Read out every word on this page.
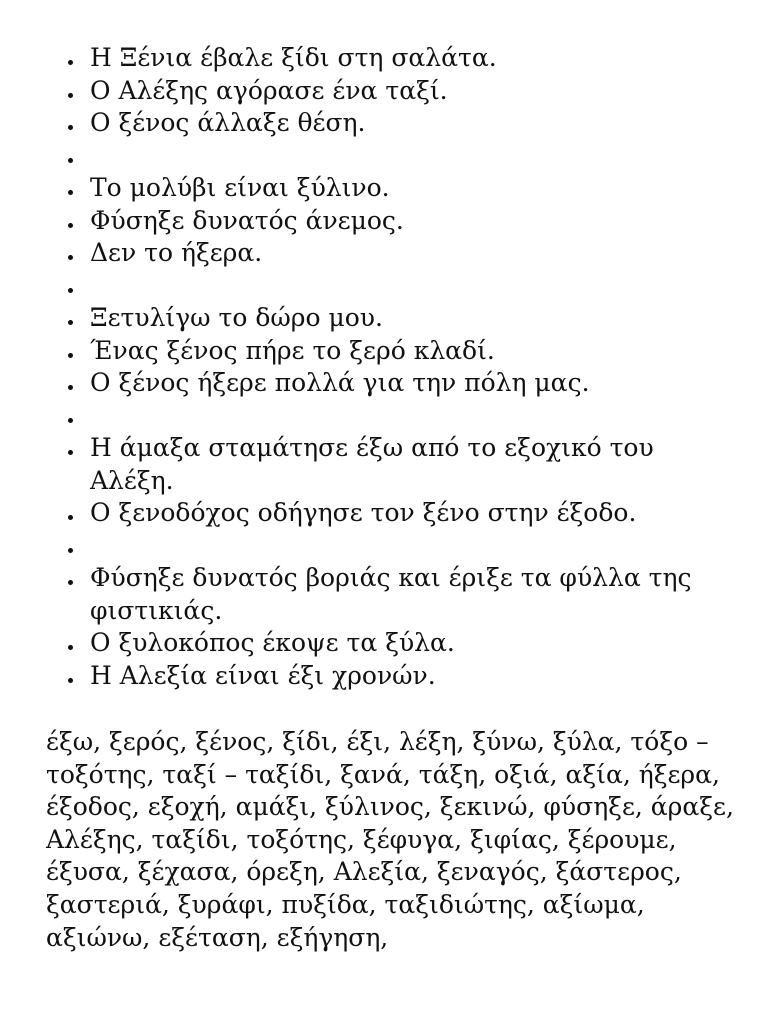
Η Ξένια έβαλε ξίδι στη σαλάτα.
Ο Αλέξης αγόρασε ένα ταξί.
Ο ξένος άλλαξε θέση.
Το μολύβι είναι ξύλινο.
Φύσηξε δυνατός άνεμος.
Δεν το ήξερα.
Ξετυλίγω το δώρο μου.
Ένας ξένος πήρε το ξερό κλαδί.
Ο ξένος ήξερε πολλά για την πόλη μας.
Η άμαξα σταμάτησε έξω από το εξοχικό του Αλέξη.
Ο ξενοδόχος οδήγησε τον ξένο στην έξοδο.
Φύσηξε δυνατός βοριάς και έριξε τα φύλλα της φιστικιάς.
Ο ξυλοκόπος έκοψε τα ξύλα.
Η Αλεξία είναι έξι χρονών.

έξω, ξερός, ξένος, ξίδι, έξι, λέξη, ξύνω, ξύλα, τόξο – τοξότης, ταξί – ταξίδι, ξανά, τάξη, οξιά, αξία, ήξερα, έξοδος, εξοχή, αμάξι, ξύλινος, ξεκινώ, φύσηξε, άραξε, Αλέξης, ταξίδι, τοξότης, ξέφυγα, ξιφίας, ξέρουμε, έξυσα, ξέχασα, όρεξη, Αλεξία, ξεναγός, ξάστερος, ξαστεριά, ξυράφι, πυξίδα, ταξιδιώτης, αξίωμα, αξιώνω, εξέταση, εξήγηση,
